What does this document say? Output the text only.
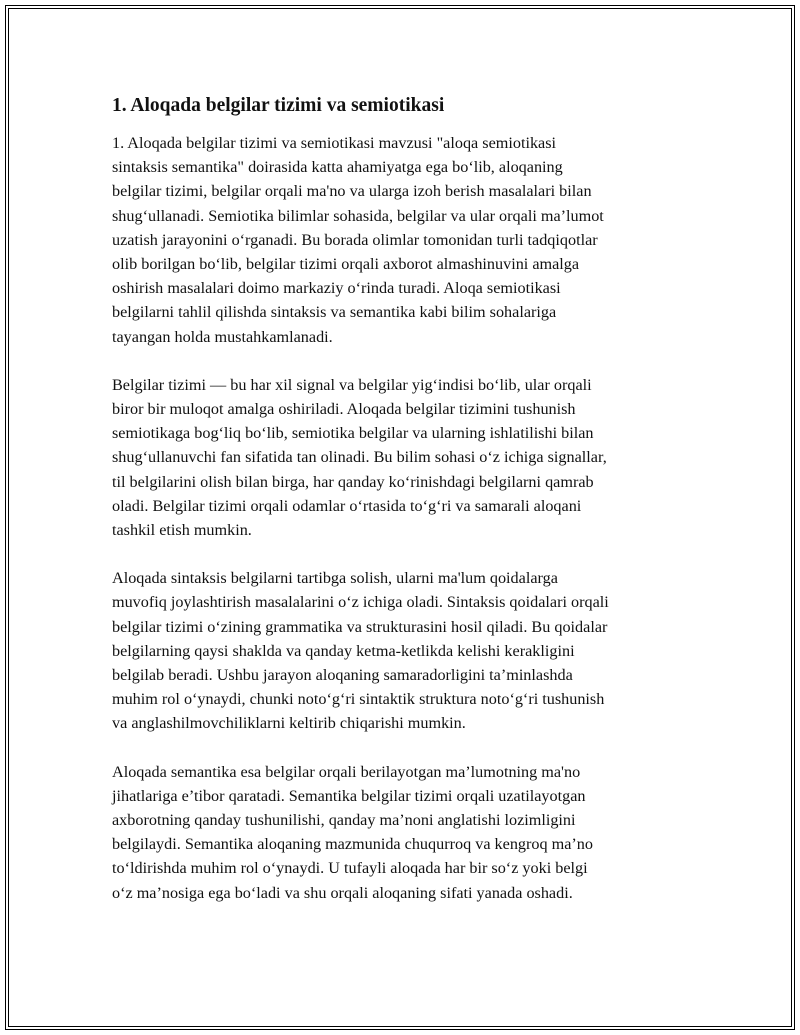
1. Aloqada belgilar tizimi va semiotikasi
1. Aloqada belgilar tizimi va semiotikasi mavzusi "aloqa semiotikasi
sintaksis semantika" doirasida katta ahamiyatga ega bo‘lib, aloqaning
belgilar tizimi, belgilar orqali ma'no va ularga izoh berish masalalari bilan
shug‘ullanadi. Semiotika bilimlar sohasida, belgilar va ular orqali ma’lumot
uzatish jarayonini o‘rganadi. Bu borada olimlar tomonidan turli tadqiqotlar
olib borilgan bo‘lib, belgilar tizimi orqali axborot almashinuvini amalga
oshirish masalalari doimo markaziy o‘rinda turadi. Aloqa semiotikasi
belgilarni tahlil qilishda sintaksis va semantika kabi bilim sohalariga
tayangan holda mustahkamlanadi.
Belgilar tizimi — bu har xil signal va belgilar yig‘indisi bo‘lib, ular orqali
biror bir muloqot amalga oshiriladi. Aloqada belgilar tizimini tushunish
semiotikaga bog‘liq bo‘lib, semiotika belgilar va ularning ishlatilishi bilan
shug‘ullanuvchi fan sifatida tan olinadi. Bu bilim sohasi o‘z ichiga signallar,
til belgilarini olish bilan birga, har qanday ko‘rinishdagi belgilarni qamrab
oladi. Belgilar tizimi orqali odamlar o‘rtasida to‘g‘ri va samarali aloqani
tashkil etish mumkin.
Aloqada sintaksis belgilarni tartibga solish, ularni ma'lum qoidalarga
muvofiq joylashtirish masalalarini o‘z ichiga oladi. Sintaksis qoidalari orqali
belgilar tizimi o‘zining grammatika va strukturasini hosil qiladi. Bu qoidalar
belgilarning qaysi shaklda va qanday ketma-ketlikda kelishi kerakligini
belgilab beradi. Ushbu jarayon aloqaning samaradorligini ta’minlashda
muhim rol o‘ynaydi, chunki noto‘g‘ri sintaktik struktura noto‘g‘ri tushunish
va anglashilmovchiliklarni keltirib chiqarishi mumkin.
Aloqada semantika esa belgilar orqali berilayotgan ma’lumotning ma'no
jihatlariga e’tibor qaratadi. Semantika belgilar tizimi orqali uzatilayotgan
axborotning qanday tushunilishi, qanday ma’noni anglatishi lozimligini
belgilaydi. Semantika aloqaning mazmunida chuqurroq va kengroq ma’no
to‘ldirishda muhim rol o‘ynaydi. U tufayli aloqada har bir so‘z yoki belgi
o‘z ma’nosiga ega bo‘ladi va shu orqali aloqaning sifati yanada oshadi.
